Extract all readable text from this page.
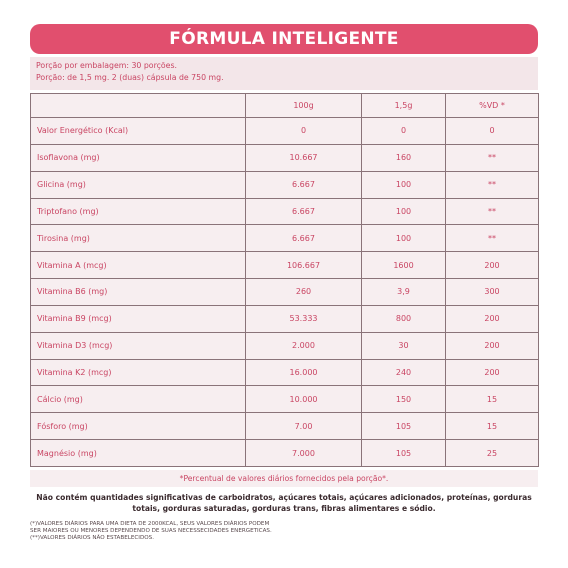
FÓRMULA INTELIGENTE
Porção por embalagem: 30 porções.
Porção: de 1,5 mg. 2 (duas) cápsula de 750 mg.
	100g	1,5g	%VD *
Valor Energético (Kcal)	0	0	0
Isoflavona (mg)	10.667	160	**
Glicina (mg)	6.667	100	**
Triptofano (mg)	6.667	100	**
Tirosina (mg)	6.667	100	**
Vitamina A (mcg)	106.667	1600	200
Vitamina B6 (mg)	260	3,9	300
Vitamina B9 (mcg)	53.333	800	200
Vitamina D3 (mcg)	2.000	30	200
Vitamina K2 (mcg)	16.000	240	200
Cálcio (mg)	10.000	150	15
Fósforo (mg)	7.00	105	15
Magnésio (mg)	7.000	105	25
*Percentual de valores diários fornecidos pela porção*.
Não contém quantidades significativas de carboidratos, açúcares totais, açúcares adicionados, proteínas, gorduras totais, gorduras saturadas, gorduras trans, fibras alimentares e sódio.
(*)VALORES DIÁRIOS PARA UMA DIETA DE 2000KCAL, SEUS VALORES DIÁRIOS PODEM
SER MAIORES OU MENORES DEPENDENDO DE SUAS NECESSECIDADES ENERGETICAS.
(**)VALORES DIÁRIOS NÃO ESTABELECIDOS.
